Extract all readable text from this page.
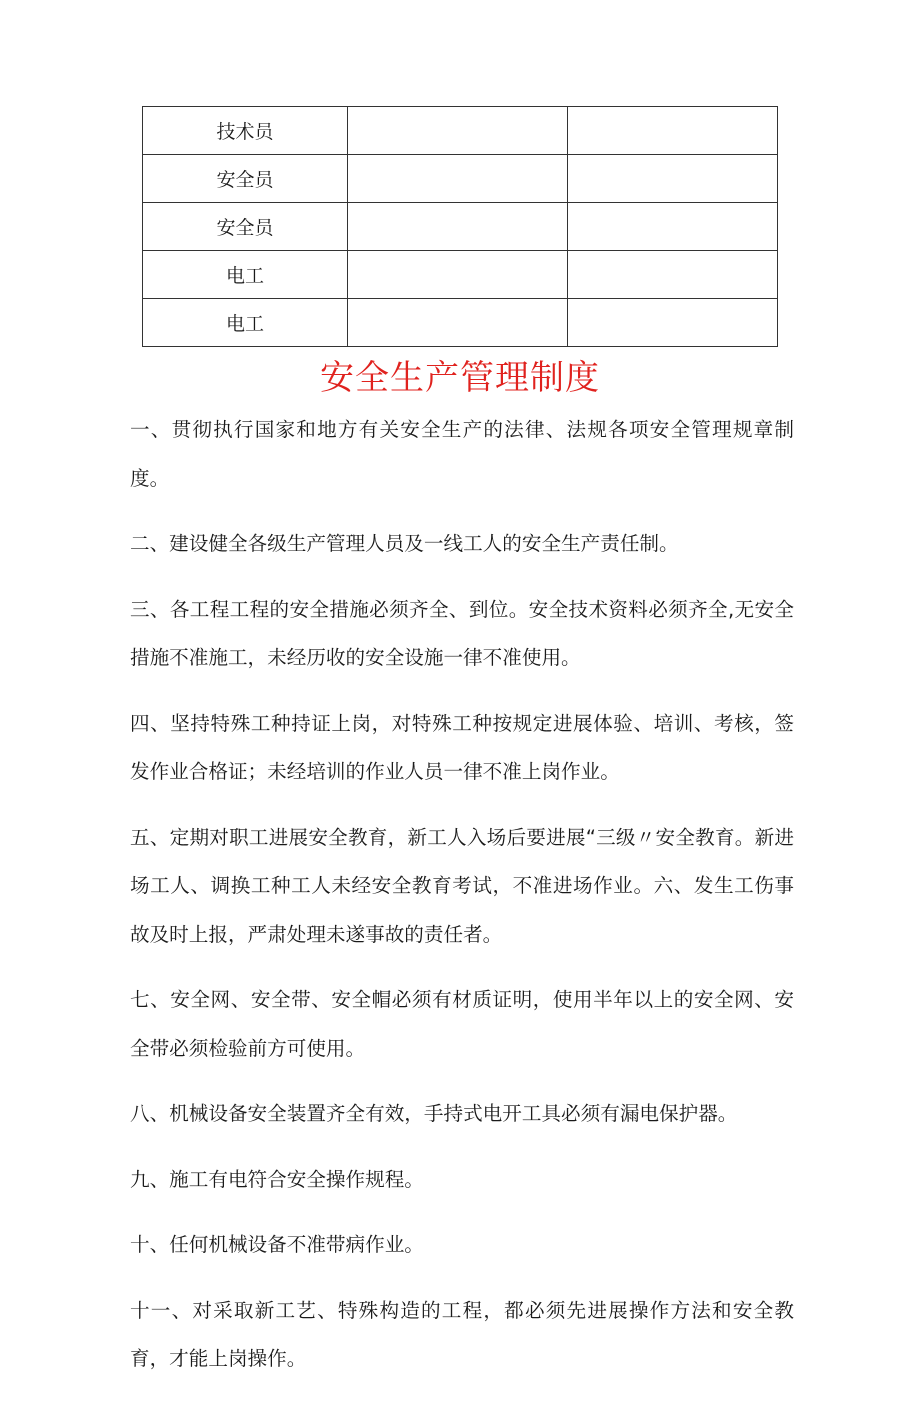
技术员		
安全员		
安全员		
电工		
电工		
安全生产管理制度

一、贯彻执行国家和地方有关安全生产的法律、法规各项安全管理规章制度。

二、建设健全各级生产管理人员及一线工人的安全生产责任制。

三、各工程工程的安全措施必须齐全、到位。安全技术资料必须齐全,无安全措施不准施工，未经历收的安全设施一律不准使用。

四、坚持特殊工种持证上岗，对特殊工种按规定进展体验、培训、考核，签发作业合格证；未经培训的作业人员一律不准上岗作业。

五、定期对职工进展安全教育，新工人入场后要进展“三级〃安全教育。新进场工人、调换工种工人未经安全教育考试，不准进场作业。六、发生工伤事故及时上报，严肃处理未遂事故的责任者。

七、安全网、安全带、安全帽必须有材质证明，使用半年以上的安全网、安全带必须检验前方可使用。

八、机械设备安全装置齐全有效，手持式电开工具必须有漏电保护器。

九、施工有电符合安全操作规程。

十、任何机械设备不准带病作业。

十一、对采取新工艺、特殊构造的工程，都必须先进展操作方法和安全教育，才能上岗操作。
